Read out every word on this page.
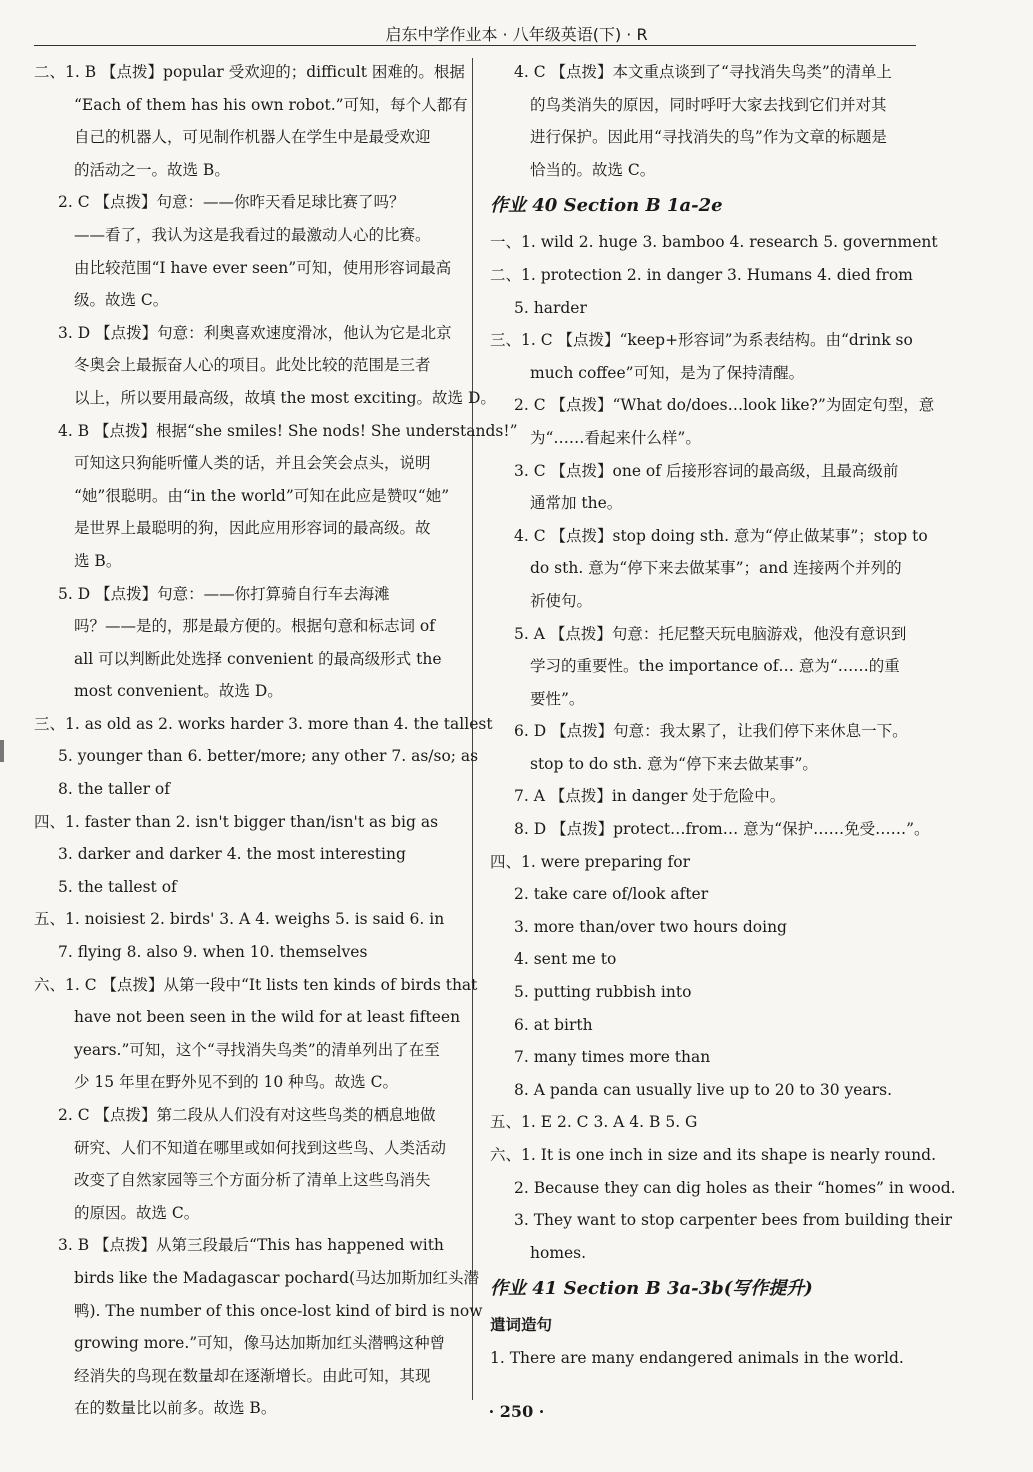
启东中学作业本 · 八年级英语(下) · R
二、1. B 【点拨】popular 受欢迎的；difficult 困难的。根据
“Each of them has his own robot.”可知，每个人都有
自己的机器人，可见制作机器人在学生中是最受欢迎
的活动之一。故选 B。
2. C 【点拨】句意：——你昨天看足球比赛了吗？
——看了，我认为这是我看过的最激动人心的比赛。
由比较范围“I have ever seen”可知，使用形容词最高
级。故选 C。
3. D 【点拨】句意：利奥喜欢速度滑冰，他认为它是北京
冬奥会上最振奋人心的项目。此处比较的范围是三者
以上，所以要用最高级，故填 the most exciting。故选 D。
4. B 【点拨】根据“she smiles! She nods! She understands!”
可知这只狗能听懂人类的话，并且会笑会点头，说明
“她”很聪明。由“in the world”可知在此应是赞叹“她”
是世界上最聪明的狗，因此应用形容词的最高级。故
选 B。
5. D 【点拨】句意：——你打算骑自行车去海滩
吗？——是的，那是最方便的。根据句意和标志词 of
all 可以判断此处选择 convenient 的最高级形式 the
most convenient。故选 D。
三、1. as old as 2. works harder 3. more than 4. the tallest
5. younger than 6. better/more; any other 7. as/so; as
8. the taller of
四、1. faster than 2. isn't bigger than/isn't as big as
3. darker and darker 4. the most interesting
5. the tallest of
五、1. noisiest 2. birds' 3. A 4. weighs 5. is said 6. in
7. flying 8. also 9. when 10. themselves
六、1. C 【点拨】从第一段中“It lists ten kinds of birds that
have not been seen in the wild for at least fifteen
years.”可知，这个“寻找消失鸟类”的清单列出了在至
少 15 年里在野外见不到的 10 种鸟。故选 C。
2. C 【点拨】第二段从人们没有对这些鸟类的栖息地做
研究、人们不知道在哪里或如何找到这些鸟、人类活动
改变了自然家园等三个方面分析了清单上这些鸟消失
的原因。故选 C。
3. B 【点拨】从第三段最后“This has happened with
birds like the Madagascar pochard(马达加斯加红头潜
鸭). The number of this once-lost kind of bird is now
growing more.”可知，像马达加斯加红头潜鸭这种曾
经消失的鸟现在数量却在逐渐增长。由此可知，其现
在的数量比以前多。故选 B。
4. C 【点拨】本文重点谈到了“寻找消失鸟类”的清单上
的鸟类消失的原因，同时呼吁大家去找到它们并对其
进行保护。因此用“寻找消失的鸟”作为文章的标题是
恰当的。故选 C。
作业 40 Section B 1a-2e
一、1. wild 2. huge 3. bamboo 4. research 5. government
二、1. protection 2. in danger 3. Humans 4. died from
5. harder
三、1. C 【点拨】“keep+形容词”为系表结构。由“drink so
much coffee”可知，是为了保持清醒。
2. C 【点拨】“What do/does…look like?”为固定句型，意
为“……看起来什么样”。
3. C 【点拨】one of 后接形容词的最高级，且最高级前
通常加 the。
4. C 【点拨】stop doing sth. 意为“停止做某事”；stop to
do sth. 意为“停下来去做某事”；and 连接两个并列的
祈使句。
5. A 【点拨】句意：托尼整天玩电脑游戏，他没有意识到
学习的重要性。the importance of… 意为“……的重
要性”。
6. D 【点拨】句意：我太累了，让我们停下来休息一下。
stop to do sth. 意为“停下来去做某事”。
7. A 【点拨】in danger 处于危险中。
8. D 【点拨】protect…from… 意为“保护……免受……”。
四、1. were preparing for
2. take care of/look after
3. more than/over two hours doing
4. sent me to
5. putting rubbish into
6. at birth
7. many times more than
8. A panda can usually live up to 20 to 30 years.
五、1. E 2. C 3. A 4. B 5. G
六、1. It is one inch in size and its shape is nearly round.
2. Because they can dig holes as their “homes” in wood.
3. They want to stop carpenter bees from building their
homes.
作业 41 Section B 3a-3b(写作提升)
遣词造句
1. There are many endangered animals in the world.
· 250 ·
